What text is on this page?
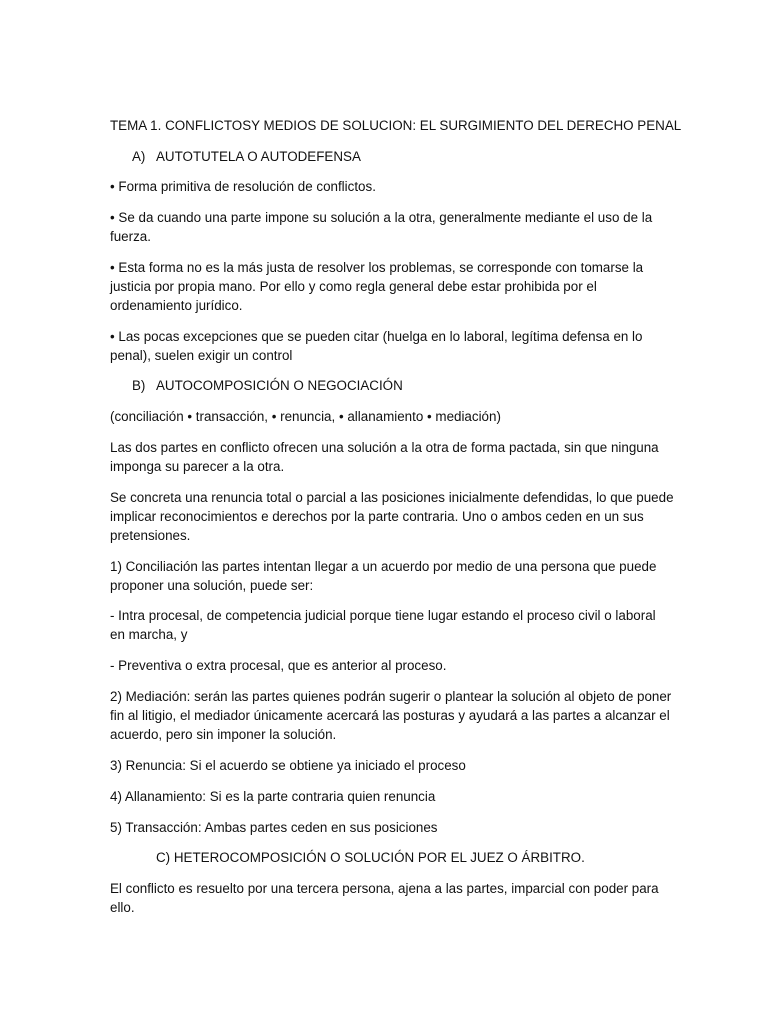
TEMA 1. CONFLICTOSY MEDIOS DE SOLUCION: EL SURGIMIENTO DEL DERECHO PENAL
A) AUTOTUTELA O AUTODEFENSA
• Forma primitiva de resolución de conflictos.
• Se da cuando una parte impone su solución a la otra, generalmente mediante el uso de la
fuerza.
• Esta forma no es la más justa de resolver los problemas, se corresponde con tomarse la
justicia por propia mano. Por ello y como regla general debe estar prohibida por el
ordenamiento jurídico.
• Las pocas excepciones que se pueden citar (huelga en lo laboral, legítima defensa en lo
penal), suelen exigir un control
B) AUTOCOMPOSICIÓN O NEGOCIACIÓN
(conciliación • transacción, • renuncia, • allanamiento • mediación)
Las dos partes en conflicto ofrecen una solución a la otra de forma pactada, sin que ninguna
imponga su parecer a la otra.
Se concreta una renuncia total o parcial a las posiciones inicialmente defendidas, lo que puede
implicar reconocimientos e derechos por la parte contraria. Uno o ambos ceden en un sus
pretensiones.
1) Conciliación las partes intentan llegar a un acuerdo por medio de una persona que puede
proponer una solución, puede ser:
- Intra procesal, de competencia judicial porque tiene lugar estando el proceso civil o laboral
en marcha, y
- Preventiva o extra procesal, que es anterior al proceso.
2) Mediación: serán las partes quienes podrán sugerir o plantear la solución al objeto de poner
fin al litigio, el mediador únicamente acercará las posturas y ayudará a las partes a alcanzar el
acuerdo, pero sin imponer la solución.
3) Renuncia: Si el acuerdo se obtiene ya iniciado el proceso
4) Allanamiento: Si es la parte contraria quien renuncia
5) Transacción: Ambas partes ceden en sus posiciones
C) HETEROCOMPOSICIÓN O SOLUCIÓN POR EL JUEZ O ÁRBITRO.
El conflicto es resuelto por una tercera persona, ajena a las partes, imparcial con poder para
ello.
